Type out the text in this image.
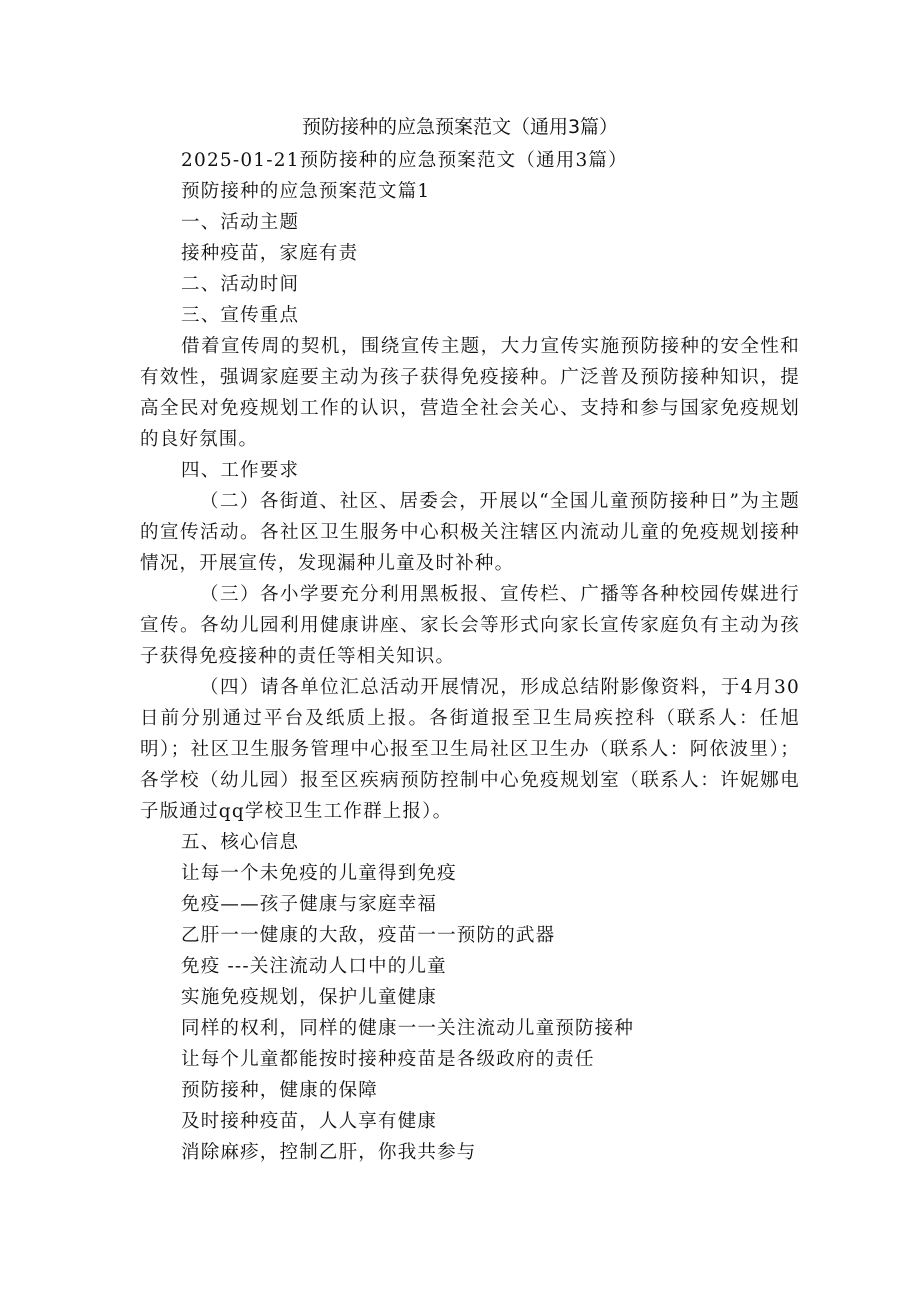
预防接种的应急预案范文（通用3篇）
2025-01-21预防接种的应急预案范文（通用3篇）
预防接种的应急预案范文篇1
一、活动主题
接种疫苗，家庭有责
二、活动时间
三、宣传重点
借着宣传周的契机，围绕宣传主题，大力宣传实施预防接种的安全性和有效性，强调家庭要主动为孩子获得免疫接种。广泛普及预防接种知识，提高全民对免疫规划工作的认识，营造全社会关心、支持和参与国家免疫规划的良好氛围。
四、工作要求
（二）各街道、社区、居委会，开展以“全国儿童预防接种日”为主题的宣传活动。各社区卫生服务中心积极关注辖区内流动儿童的免疫规划接种情况，开展宣传，发现漏种儿童及时补种。
（三）各小学要充分利用黑板报、宣传栏、广播等各种校园传媒进行宣传。各幼儿园利用健康讲座、家长会等形式向家长宣传家庭负有主动为孩子获得免疫接种的责任等相关知识。
（四）请各单位汇总活动开展情况，形成总结附影像资料，于4月30日前分别通过平台及纸质上报。各街道报至卫生局疾控科（联系人：任旭明）；社区卫生服务管理中心报至卫生局社区卫生办（联系人：阿依波里）；各学校（幼儿园）报至区疾病预防控制中心免疫规划室（联系人：许妮娜电子版通过qq学校卫生工作群上报）。
五、核心信息
让每一个未免疫的儿童得到免疫
免疫——孩子健康与家庭幸福
乙肝一一健康的大敌，疫苗一一预防的武器
免疫 ---关注流动人口中的儿童
实施免疫规划，保护儿童健康
同样的权利，同样的健康一一关注流动儿童预防接种
让每个儿童都能按时接种疫苗是各级政府的责任
预防接种，健康的保障
及时接种疫苗，人人享有健康
消除麻疹，控制乙肝，你我共参与
